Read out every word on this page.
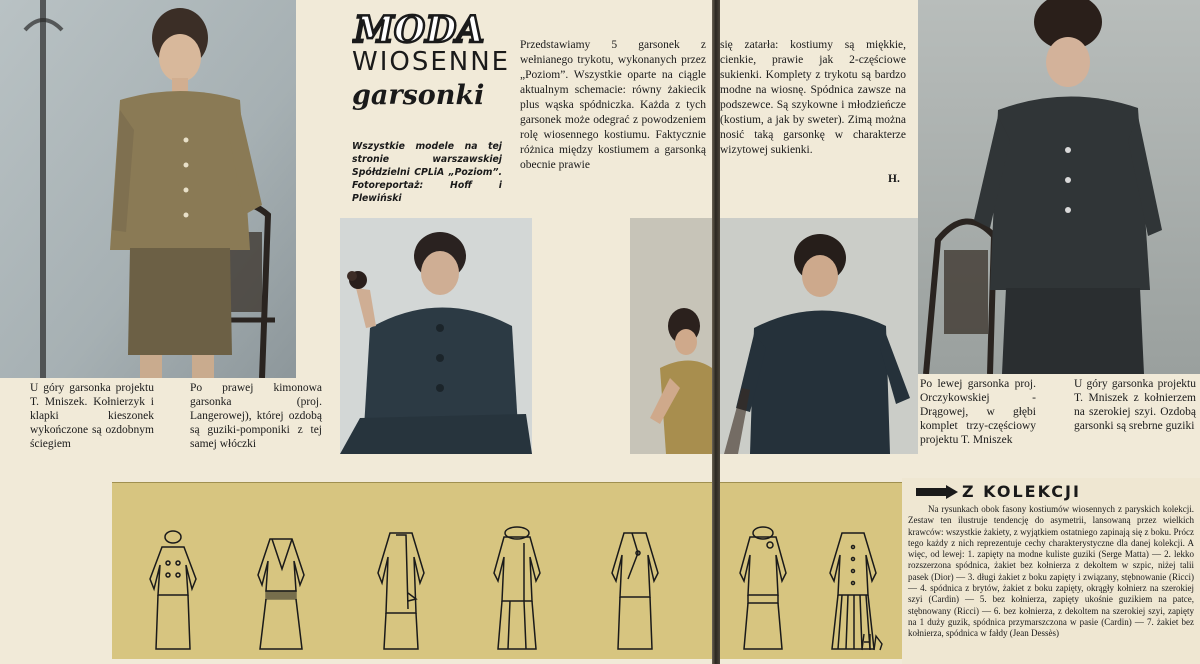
U góry garsonka projektu T. Mniszek. Kołnierzyk i klapki kieszonek wykończone są ozdobnym ściegiem

Po prawej kimonowa garsonka (proj. Langerowej), której ozdobą są guziki-pomponiki z tej samej włóczki

MODA

WIOSENNE

garsonki

Wszystkie modele na tej stronie warszawskiej Spółdzielni CPLiA „Poziom”. Fotoreportaż: Hoff i Plewiński

Przedstawiamy 5 garsonek z wełnianego trykotu, wykonanych przez „Poziom”. Wszystkie oparte na ciągle aktualnym schemacie: równy żakiecik plus wąska spódniczka. Każda z tych garsonek może odegrać z powodzeniem rolę wiosennego kostiumu. Faktycznie różnica między kostiumem a garsonką obecnie prawie

się zatarła: kostiumy są miękkie, cienkie, prawie jak 2-częściowe sukienki. Komplety z trykotu są bardzo modne na wiosnę. Spódnica zawsze na podszewce. Są szykowne i młodzieńcze (kostium, a jak by sweter). Zimą można nosić taką garsonkę w charakterze wizytowej sukienki.

H.

Po lewej garsonka proj. Orczykowskiej - Drągowej, w głębi komplet trzy-częściowy projektu T. Mniszek

U góry garsonka projektu T. Mniszek z kołnierzem na szerokiej szyi. Ozdobą garsonki są srebrne guziki

Z KOLEKCJI

Na rysunkach obok fasony kostiumów wiosennych z paryskich kolekcji. Zestaw ten ilustruje tendencję do asymetrii, lansowaną przez wielkich krawców: wszystkie żakiety, z wyjątkiem ostatniego zapinają się z boku. Prócz tego każdy z nich reprezentuje cechy charakterystyczne dla danej kolekcji. A więc, od lewej: 1. zapięty na modne kuliste guziki (Serge Matta) — 2. lekko rozszerzona spódnica, żakiet bez kołnierza z dekoltem w szpic, niżej talii pasek (Dior) — 3. długi żakiet z boku zapięty i związany, stębnowanie (Ricci) — 4. spódnica z brytów, żakiet z boku zapięty, okrągły kołnierz na szerokiej szyi (Cardin) — 5. bez kołnierza, zapięty ukośnie guzikiem na patce, stębnowany (Ricci) — 6. bez kołnierza, z dekoltem na szerokiej szyi, zapięty na 1 duży guzik, spódnica przymarszczona w pasie (Cardin) — 7. żakiet bez kołnierza, spódnica w fałdy (Jean Dessès)
